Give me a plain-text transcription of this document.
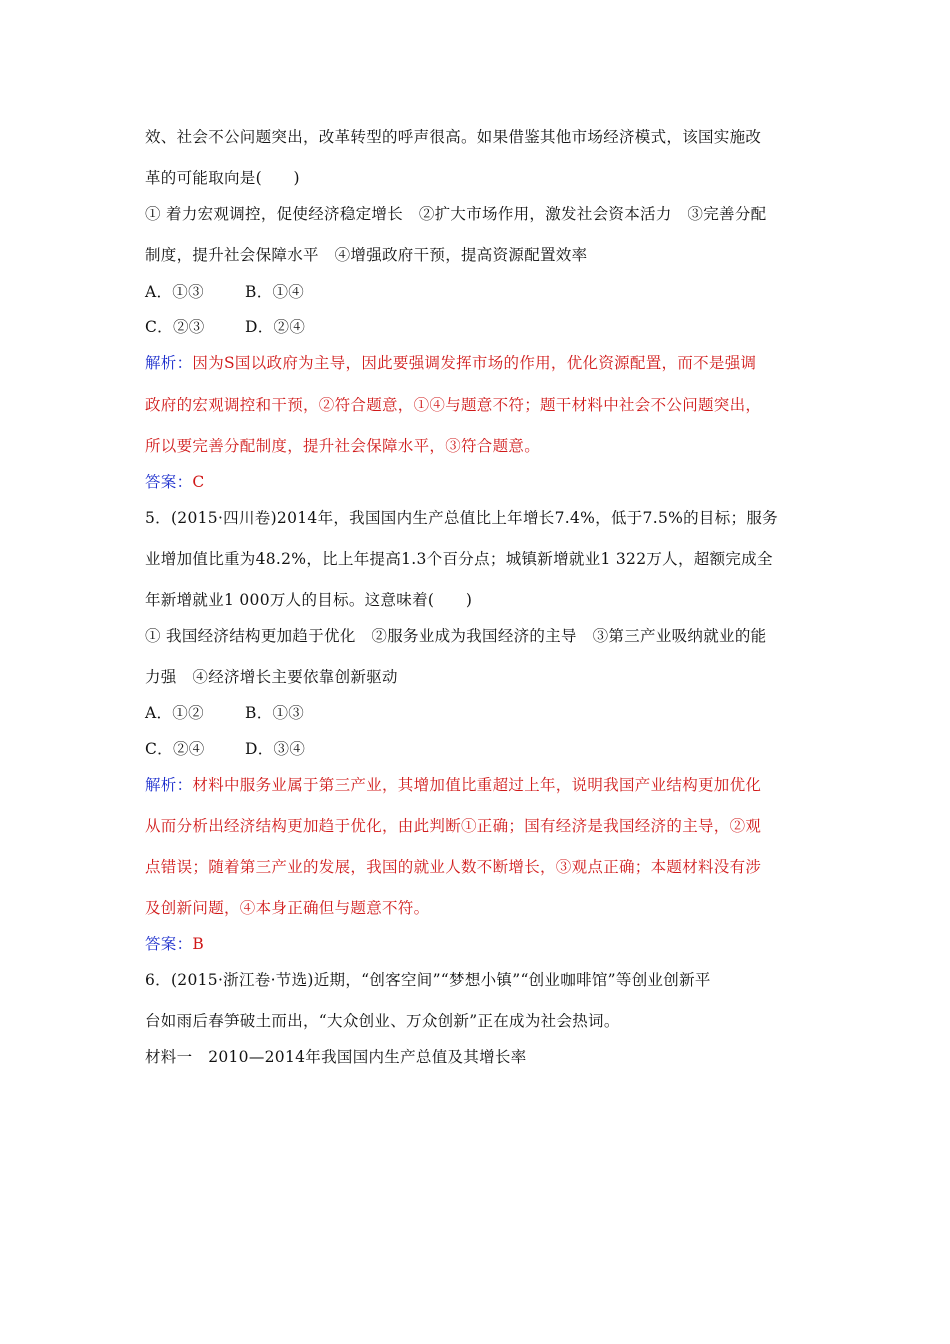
效、社会不公问题突出，改革转型的呼声很高。如果借鉴其他市场经济模式，该国实施改
革的可能取向是(　　)
① 着力宏观调控，促使经济稳定增长　②扩大市场作用，激发社会资本活力　③完善分配
制度，提升社会保障水平　④增强政府干预，提高资源配置效率
A．①③	B．①④
C．②③	D．②④
解析：因为S国以政府为主导，因此要强调发挥市场的作用，优化资源配置，而不是强调
政府的宏观调控和干预，②符合题意，①④与题意不符；题干材料中社会不公问题突出，
所以要完善分配制度，提升社会保障水平，③符合题意。
答案：C
5．(2015·四川卷)2014年，我国国内生产总值比上年增长7.4%，低于7.5%的目标；服务
业增加值比重为48.2%，比上年提高1.3个百分点；城镇新增就业1 322万人，超额完成全
年新增就业1 000万人的目标。这意味着(　　)
① 我国经济结构更加趋于优化　②服务业成为我国经济的主导　③第三产业吸纳就业的能
力强　④经济增长主要依靠创新驱动
A．①②	B．①③
C．②④	D．③④
解析：材料中服务业属于第三产业，其增加值比重超过上年，说明我国产业结构更加优化
从而分析出经济结构更加趋于优化，由此判断①正确；国有经济是我国经济的主导，②观
点错误；随着第三产业的发展，我国的就业人数不断增长，③观点正确；本题材料没有涉
及创新问题，④本身正确但与题意不符。
答案：B
6．(2015·浙江卷·节选)近期，“创客空间”“梦想小镇”“创业咖啡馆”等创业创新平
台如雨后春笋破土而出，“大众创业、万众创新”正在成为社会热词。
材料一　2010—2014年我国国内生产总值及其增长率
